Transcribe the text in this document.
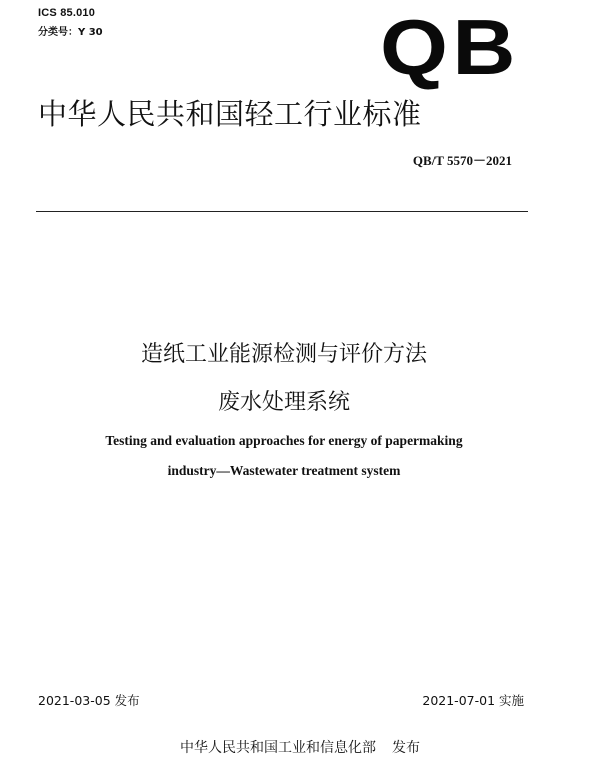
ICS 85.010
分类号：Y 30	QB
中华人民共和国轻工行业标准
QB/T 5570－2021
造纸工业能源检测与评价方法
废水处理系统
Testing and evaluation approaches for energy of papermaking
industry—Wastewater treatment system
2021-03-05 发布	2021-07-01 实施
中华人民共和国工业和信息化部 发布
